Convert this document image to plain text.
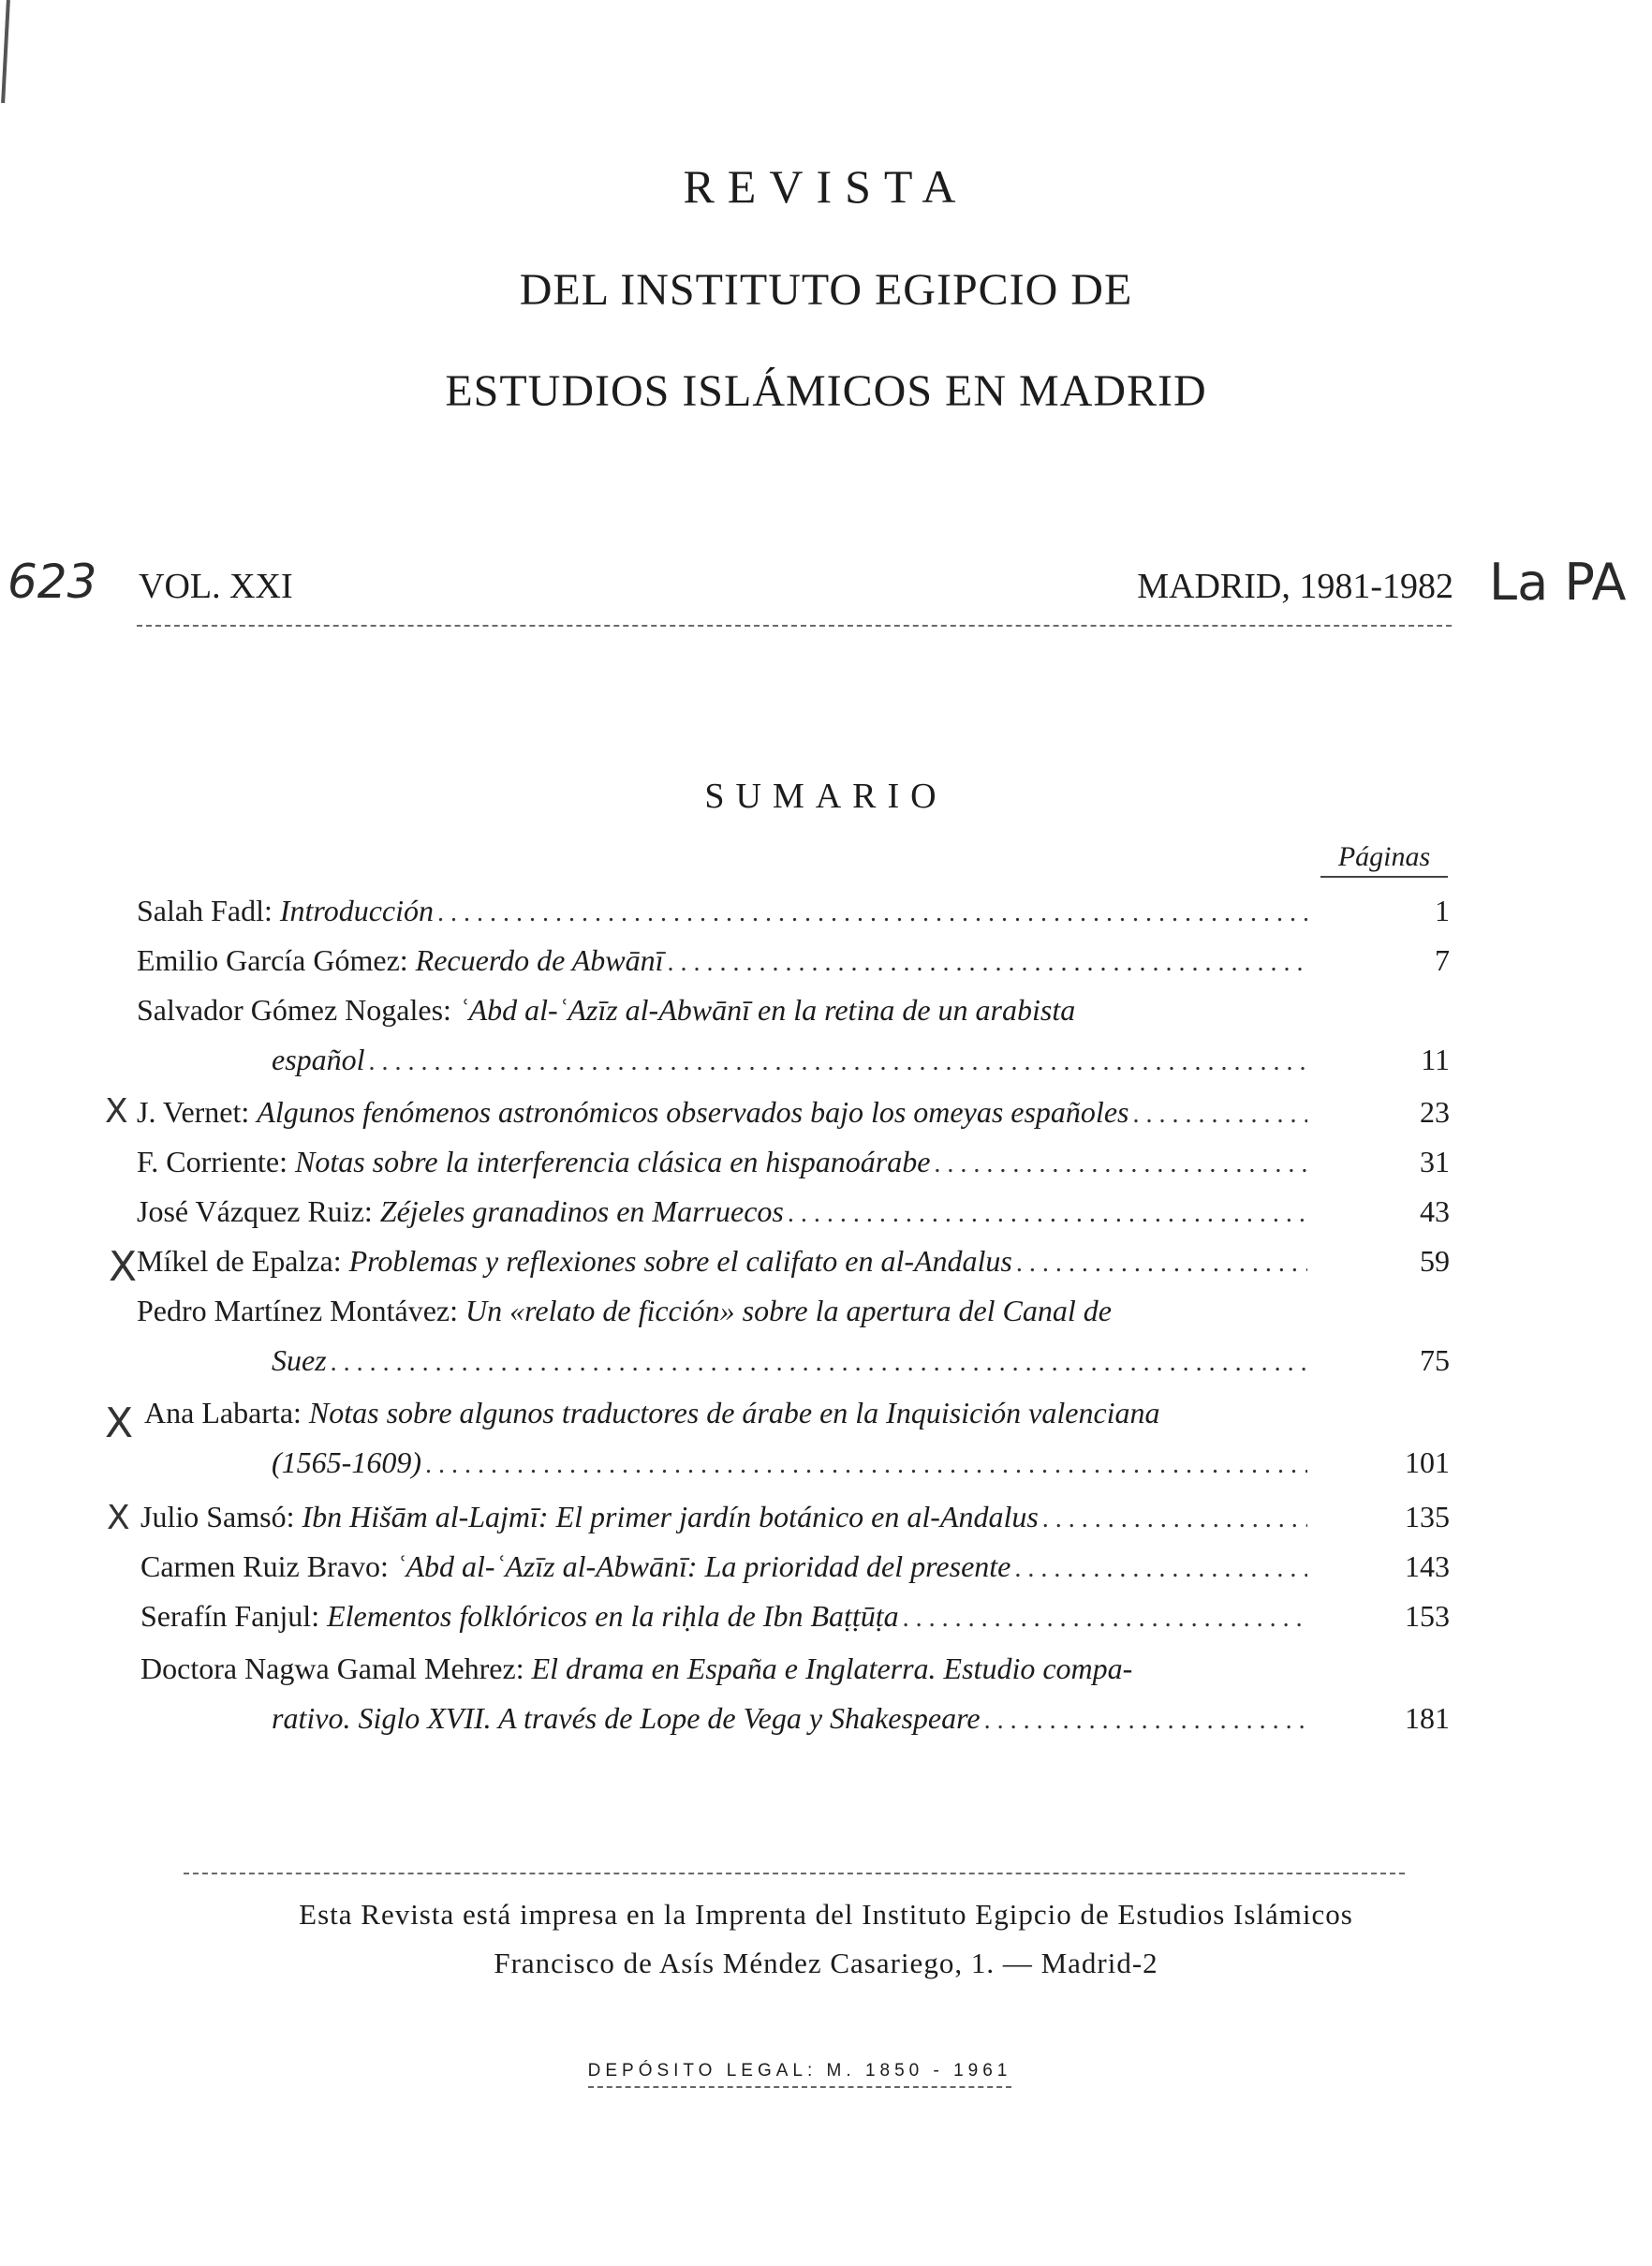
REVISTA
DEL INSTITUTO EGIPCIO DE
ESTUDIOS ISLÁMICOS EN MADRID
623 VOL. XXI	MADRID, 1981-1982 La PA
SUMARIO
Páginas
Salah Fadl: Introducción . . .	1
Emilio García Gómez: Recuerdo de Abwānī . . .	7
Salvador Gómez Nogales: ʿAbd al-ʿAzīz al-Abwānī en la retina de un arabista
español . . .	11
X J. Vernet: Algunos fenómenos astronómicos observados bajo los omeyas españoles . . .	23
F. Corriente: Notas sobre la interferencia clásica en hispanoárabe . . .	31
José Vázquez Ruiz: Zéjeles granadinos en Marruecos . . .	43
X Míkel de Epalza: Problemas y reflexiones sobre el califato en al-Andalus . . .	59
Pedro Martínez Montávez: Un «relato de ficción» sobre la apertura del Canal de
Suez . . .	75
X Ana Labarta: Notas sobre algunos traductores de árabe en la Inquisición valenciana
(1565-1609) . . .	101
X Julio Samsó: Ibn Hišām al-Lajmī: El primer jardín botánico en al-Andalus . . .	135
Carmen Ruiz Bravo: ʿAbd al-ʿAzīz al-Abwānī: La prioridad del presente . . .	143
Serafín Fanjul: Elementos folklóricos en la riḥla de Ibn Baṭṭūṭa . . .	153
Doctora Nagwa Gamal Mehrez: El drama en España e Inglaterra. Estudio compa-
rativo. Siglo XVII. A través de Lope de Vega y Shakespeare . . .	181
Esta Revista está impresa en la Imprenta del Instituto Egipcio de Estudios Islámicos
Francisco de Asís Méndez Casariego, 1. — Madrid-2
DEPÓSITO LEGAL: M. 1850 - 1961
